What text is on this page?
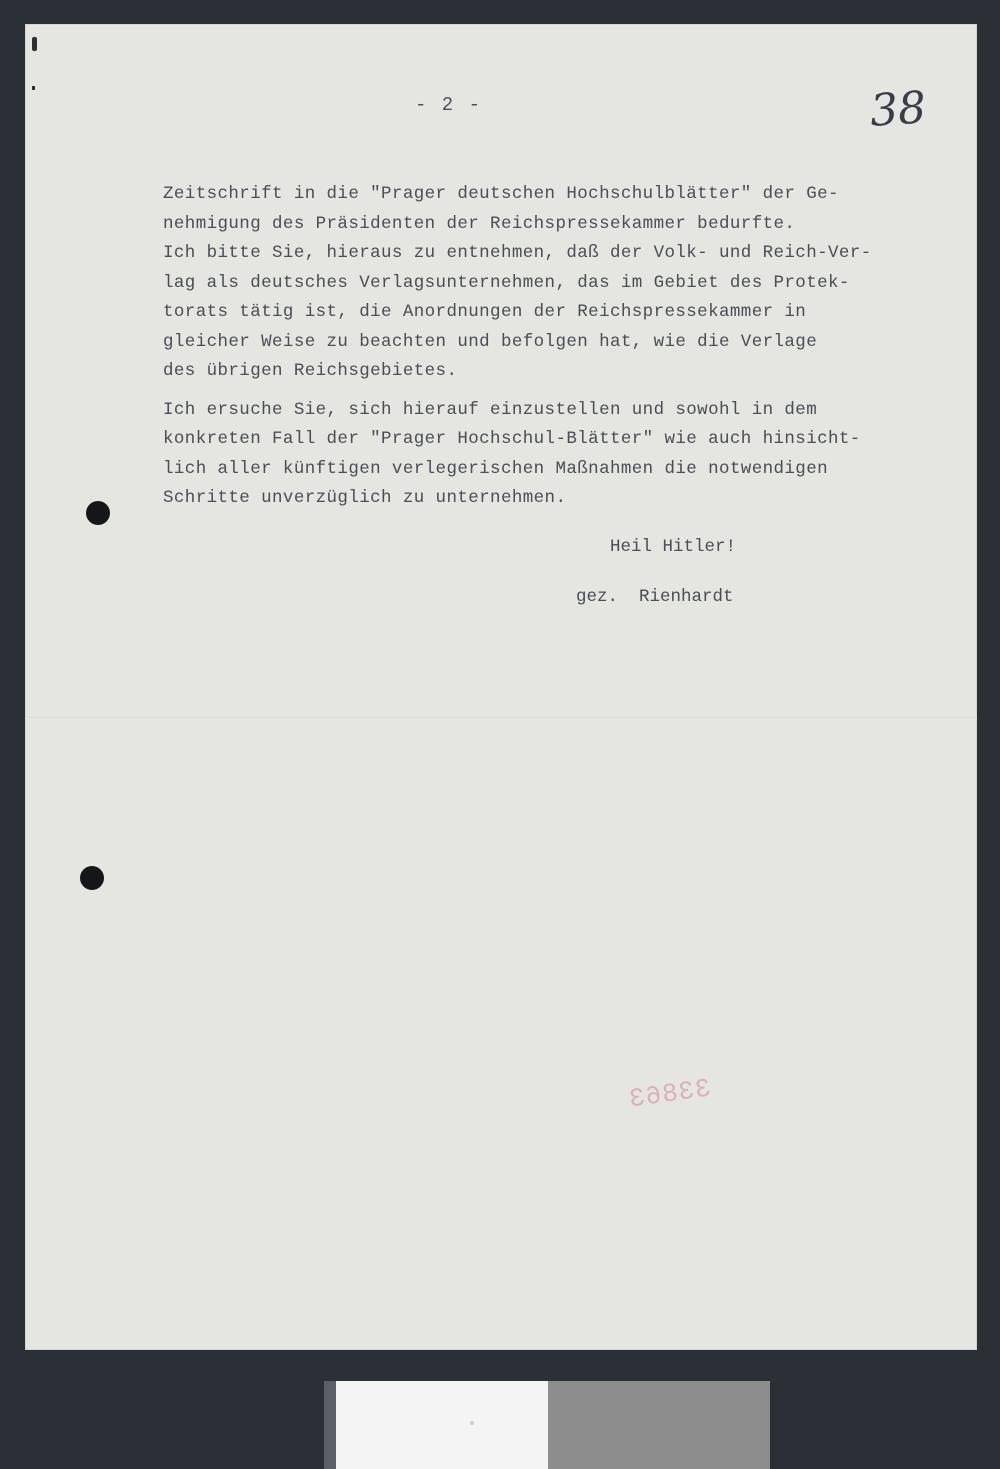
- 2 -	38
Zeitschrift in die "Prager deutschen Hochschulblätter" der Ge-
nehmigung des Präsidenten der Reichspressekammer bedurfte.
Ich bitte Sie, hieraus zu entnehmen, daß der Volk- und Reich-Ver-
lag als deutsches Verlagsunternehmen, das im Gebiet des Protek-
torats tätig ist, die Anordnungen der Reichspressekammer in
gleicher Weise zu beachten und befolgen hat, wie die Verlage
des übrigen Reichsgebietes.
Ich ersuche Sie, sich hierauf einzustellen und sowohl in dem
konkreten Fall der "Prager Hochschul-Blätter" wie auch hinsicht-
lich aller künftigen verlegerischen Maßnahmen die notwendigen
Schritte unverzüglich zu unternehmen.
Heil Hitler!
gez.  Rienhardt
33863
